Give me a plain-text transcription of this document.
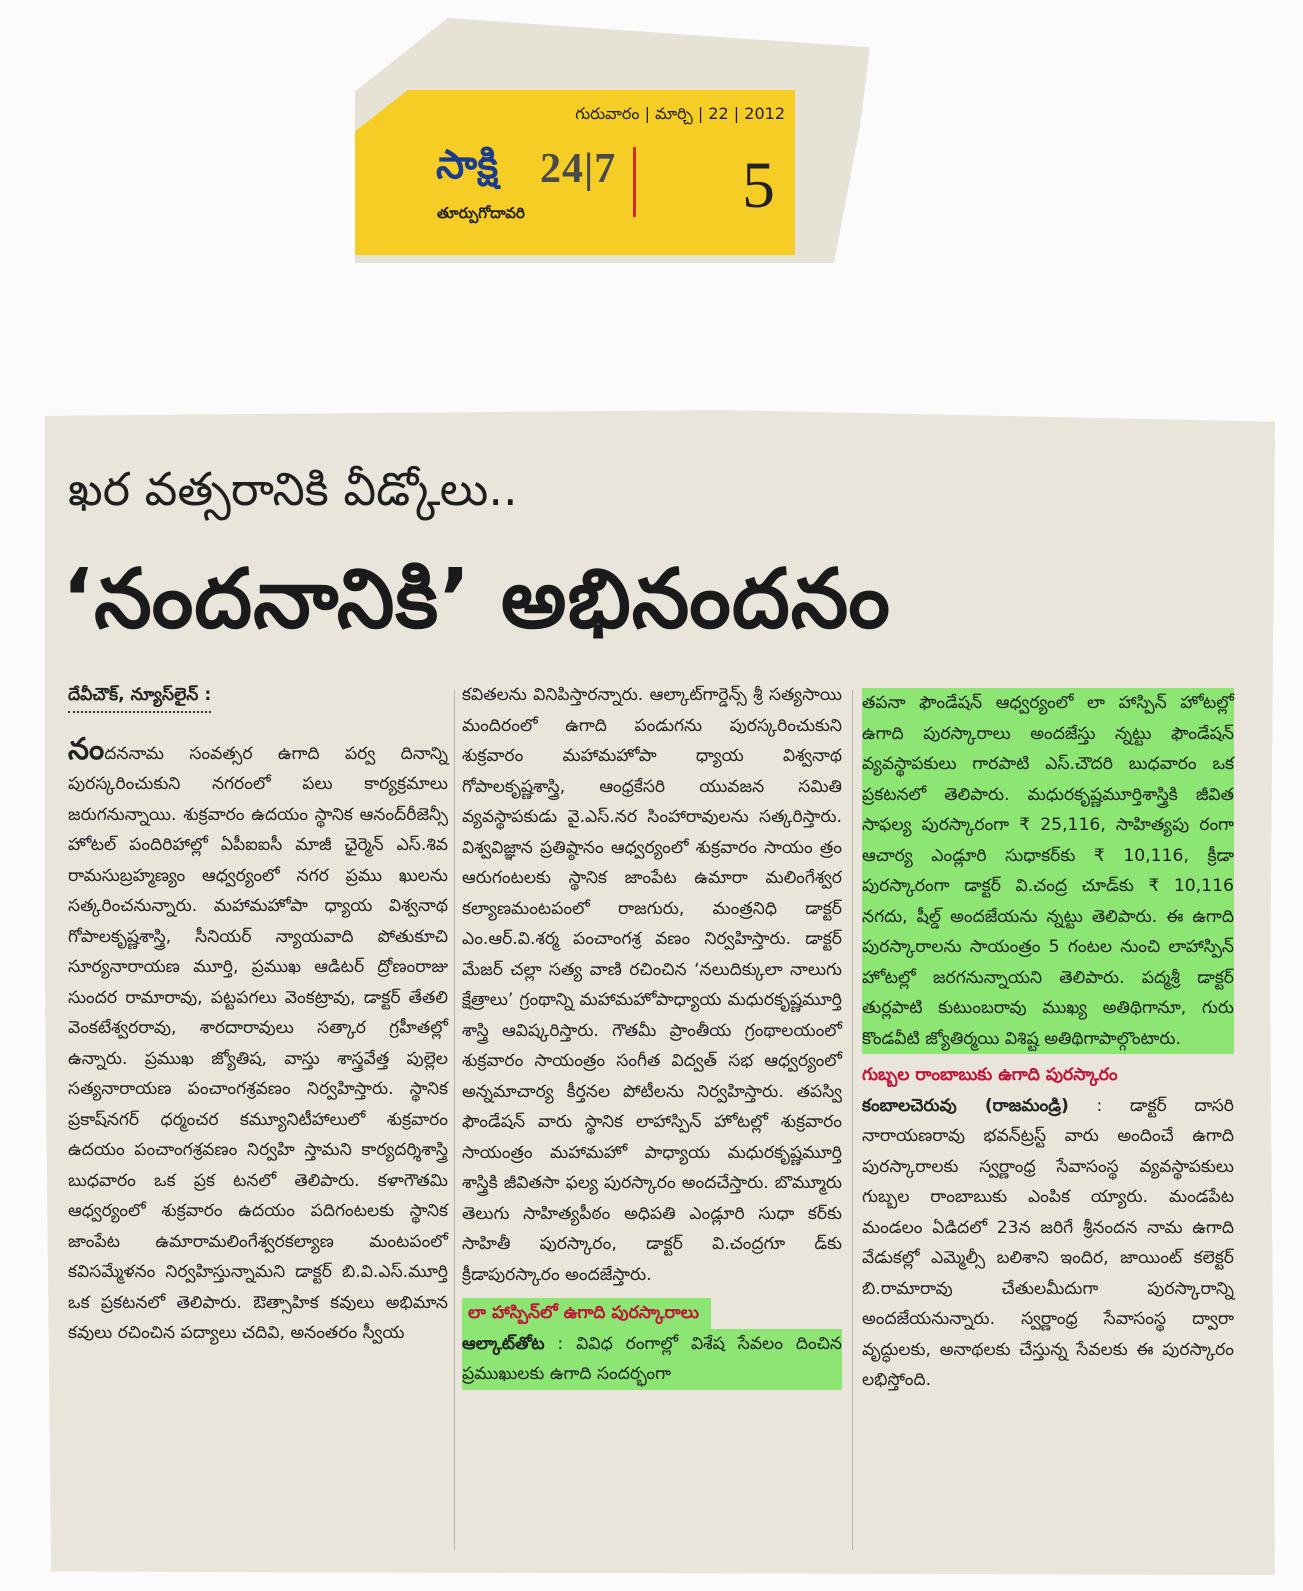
గురువారం | మార్చి | 22 | 2012
సాక్షి 24|7
తూర్పుగోదావరి	5
ఖర వత్సరానికి వీడ్కోలు..
‘నందనానికి’ అభినందనం

దేవీచౌక్, న్యూస్‌లైన్ :

నందననామ సంవత్సర ఉగాది పర్వ దినాన్ని పురస్కరించుకుని నగరంలో పలు కార్యక్రమాలు జరుగనున్నాయి. శుక్రవారం ఉదయం స్థానిక ఆనంద్‌రీజెన్సీ హోటల్ పందిరిహాల్లో ఏపీఐఐసీ మాజీ ఛైర్మెన్ ఎస్.శివ రామసుబ్రహ్మణ్యం ఆధ్వర్యంలో నగర ప్రము ఖులను సత్కరించనున్నారు. మహామహోపా ధ్యాయ విశ్వనాథ గోపాలకృష్ణశాస్త్రి, సీనియర్ న్యాయవాది పోతుకూచి సూర్యనారాయణ మూర్తి, ప్రముఖ ఆడిటర్ ద్రోణంరాజు సుందర రామారావు, పట్టపగలు వెంకట్రావు, డాక్టర్ తేతలి వెంకటేశ్వరరావు, శారదారావులు సత్కార గ్రహీతల్లో ఉన్నారు. ప్రముఖ జ్యోతిష, వాస్తు శాస్త్రవేత్త పుల్లెల సత్యనారాయణ పంచాంగశ్రవణం నిర్వహిస్తారు. స్థానిక ప్రకాష్‌నగర్ ధర్మంచర కమ్యూనిటీహాలులో శుక్రవారం ఉదయం పంచాంగశ్రవణం నిర్వహి స్తామని కార్యదర్శిశాస్త్రి బుధవారం ఒక ప్రక టనలో తెలిపారు. కళాగౌతమి ఆధ్వర్యంలో శుక్రవారం ఉదయం పదిగంటలకు స్థానిక జాంపేట ఉమారామలింగేశ్వరకల్యాణ మంటపంలో కవిసమ్మేళనం నిర్వహిస్తున్నామని డాక్టర్ బి.వి.ఎస్.మూర్తి ఒక ప్రకటనలో తెలిపారు. ఔత్సాహిక కవులు అభిమాన కవులు రచించిన పద్యాలు చదివి, అనంతరం స్వీయ

కవితలను వినిపిస్తారన్నారు. ఆల్కాట్‌గార్డెన్స్ శ్రీ సత్యసాయి మందిరంలో ఉగాది పండుగను పురస్కరించుకుని శుక్రవారం మహామహోపా ధ్యాయ విశ్వనాథ గోపాలకృష్ణశాస్త్రి, ఆంధ్రకేసరి యువజన సమితి వ్యవస్థాపకుడు వై.ఎస్.నర సింహారావులను సత్కరిస్తారు. విశ్వవిజ్ఞాన ప్రతిష్ఠానం ఆధ్వర్యంలో శుక్రవారం సాయం త్రం ఆరుగంటలకు స్థానిక జాంపేట ఉమారా మలింగేశ్వర కల్యాణమంటపంలో రాజగురు, మంత్రనిధి డాక్టర్ ఎం.ఆర్.వి.శర్మ పంచాంగశ్ర వణం నిర్వహిస్తారు. డాక్టర్ మేజర్ చల్లా సత్య వాణి రచించిన ‘నలుదిక్కులా నాలుగు క్షేత్రాలు’ గ్రంథాన్ని మహామహోపాధ్యాయ మధురకృష్ణమూర్తి శాస్త్రి ఆవిష్కరిస్తారు. గౌతమీ ప్రాంతీయ గ్రంథాలయంలో శుక్రవారం సాయంత్రం సంగీత విద్వత్ సభ ఆధ్వర్యంలో అన్నమాచార్య కీర్తనల పోటీలను నిర్వహిస్తారు. తపస్వి ఫౌండేషన్ వారు స్థానిక లాహాస్పిన్ హోటల్లో శుక్రవారం సాయంత్రం మహామహో పాధ్యాయ మధురకృష్ణమూర్తి శాస్త్రికి జీవితసా ఫల్య పురస్కారం అందచేస్తారు. బొమ్మూరు తెలుగు సాహిత్యపీఠం అధిపతి ఎండ్లూరి సుధా కర్‌కు సాహితీ పురస్కారం, డాక్టర్ వి.చంద్రగూ డ్‌కు క్రీడాపురస్కారం అందజేస్తారు.

లా హాస్పిన్‌లో ఉగాది పురస్కారాలు

ఆల్కాట్‌తోట : వివిధ రంగాల్లో విశేష సేవలం దించిన ప్రముఖులకు ఉగాది సందర్భంగా

తపనా ఫౌండేషన్ ఆధ్వర్యంలో లా హాస్పిన్ హోటల్లో ఉగాది పురస్కారాలు అందజేస్తు న్నట్టు ఫౌండేషన్ వ్యవస్థాపకులు గారపాటి ఎస్.చౌదరి బుధవారం ఒక ప్రకటనలో తెలిపారు. మధురకృష్ణమూర్తిశాస్త్రికి జీవిత సాఫల్య పురస్కారంగా ₹ 25,116, సాహిత్యపు రంగా ఆచార్య ఎండ్లూరి సుధాకర్‌కు ₹ 10,116, క్రీడా పురస్కారంగా డాక్టర్ వి.చంద్ర చూడ్‌కు ₹ 10,116 నగదు, షీల్డ్ అందజేయను న్నట్టు తెలిపారు. ఈ ఉగాది పురస్కారాలను సాయంత్రం 5 గంటల నుంచి లాహాస్పిన్ హోటల్లో జరగనున్నాయని తెలిపారు. పద్మశ్రీ డాక్టర్ తుర్లపాటి కుటుంబరావు ముఖ్య అతిథిగానూ, గురు కొండవీటి జ్యోతిర్మయి విశిష్ట అతిథిగాపాల్గొంటారు.

గుబ్బల రాంబాబుకు ఉగాది పురస్కారం

కంబాలచెరువు (రాజమండ్రి) : డాక్టర్ దాసరి నారాయణరావు భవన్‌ట్రస్ట్ వారు అందించే ఉగాది పురస్కారాలకు స్వర్ణాంధ్ర సేవాసంస్థ వ్యవస్థాపకులు గుబ్బల రాంబాబుకు ఎంపిక య్యారు. మండపేట మండలం ఏడిదలో 23న జరిగే శ్రీనందన నామ ఉగాది వేడుకల్లో ఎమ్మెల్సీ బలిశాని ఇందిర, జాయింట్ కలెక్టర్ బి.రామారావు చేతులమీదుగా పురస్కారాన్ని అందజేయనున్నారు. స్వర్ణాంధ్ర సేవాసంస్థ ద్వారా వృద్ధులకు, అనాథలకు చేస్తున్న సేవలకు ఈ పురస్కారం లభిస్తోంది.
